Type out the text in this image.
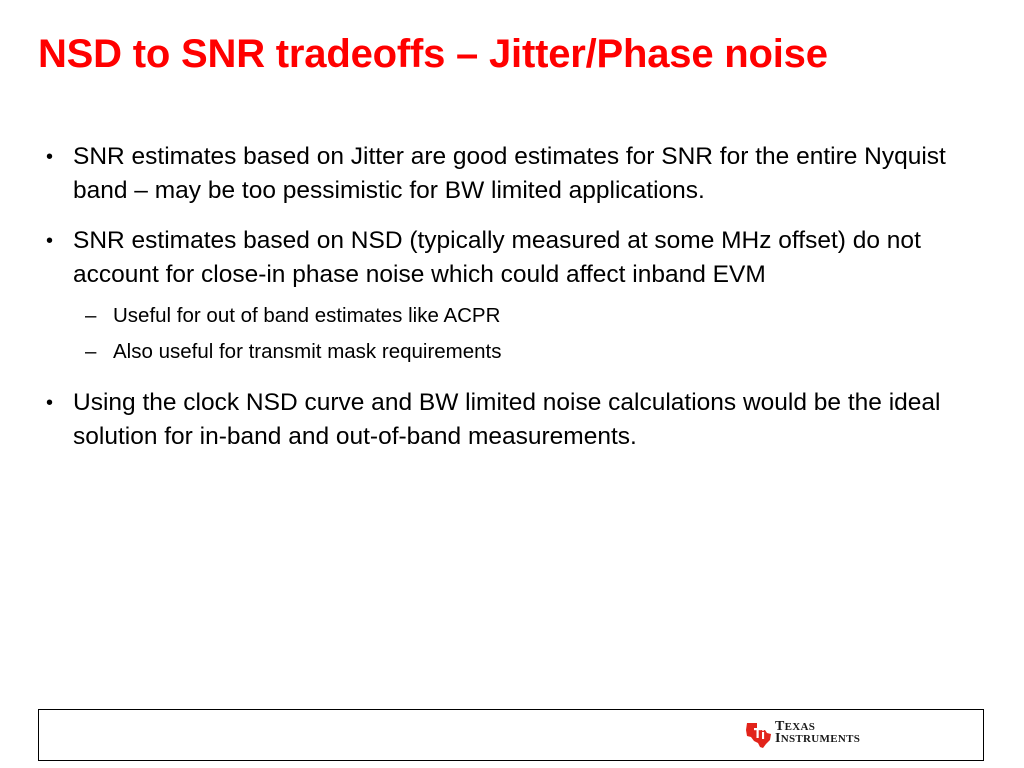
NSD to SNR tradeoffs – Jitter/Phase noise
• SNR estimates based on Jitter are good estimates for SNR for the entire Nyquist band – may be too pessimistic for BW limited applications.
• SNR estimates based on NSD (typically measured at some MHz offset) do not account for close-in phase noise which could affect inband EVM
– Useful for out of band estimates like ACPR
– Also useful for transmit mask requirements
• Using the clock NSD curve and BW limited noise calculations would be the ideal solution for in-band and out-of-band measurements.
TEXAS
INSTRUMENTS
